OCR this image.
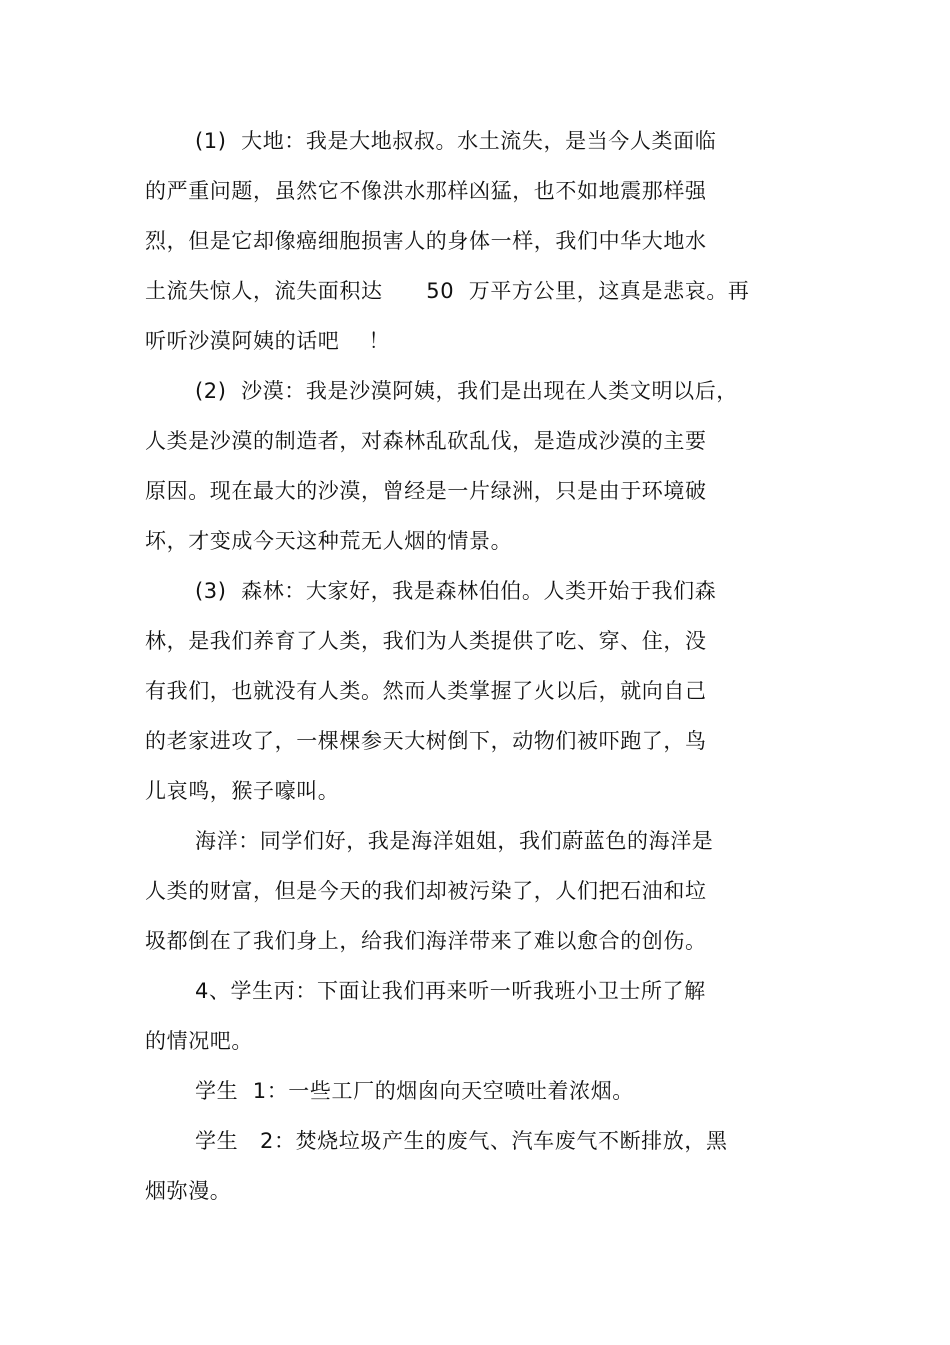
(1)  大地：我是大地叔叔。水土流失，是当今人类面临
的严重问题，虽然它不像洪水那样凶猛，也不如地震那样强
烈，但是它却像癌细胞损害人的身体一样，我们中华大地水
土流失惊人，流失面积达      50  万平方公里，这真是悲哀。再
听听沙漠阿姨的话吧    ！
(2)  沙漠：我是沙漠阿姨，我们是出现在人类文明以后，
人类是沙漠的制造者，对森林乱砍乱伐，是造成沙漠的主要
原因。现在最大的沙漠，曾经是一片绿洲，只是由于环境破
坏，才变成今天这种荒无人烟的情景。
(3)  森林：大家好，我是森林伯伯。人类开始于我们森
林，是我们养育了人类，我们为人类提供了吃、穿、住，没
有我们，也就没有人类。然而人类掌握了火以后，就向自己
的老家进攻了，一棵棵参天大树倒下，动物们被吓跑了，鸟
儿哀鸣，猴子嚎叫。
海洋：同学们好，我是海洋姐姐，我们蔚蓝色的海洋是
人类的财富，但是今天的我们却被污染了，人们把石油和垃
圾都倒在了我们身上，给我们海洋带来了难以愈合的创伤。
4、学生丙：下面让我们再来听一听我班小卫士所了解
的情况吧。
学生  1：一些工厂的烟囱向天空喷吐着浓烟。
学生   2：焚烧垃圾产生的废气、汽车废气不断排放，黑
烟弥漫。
